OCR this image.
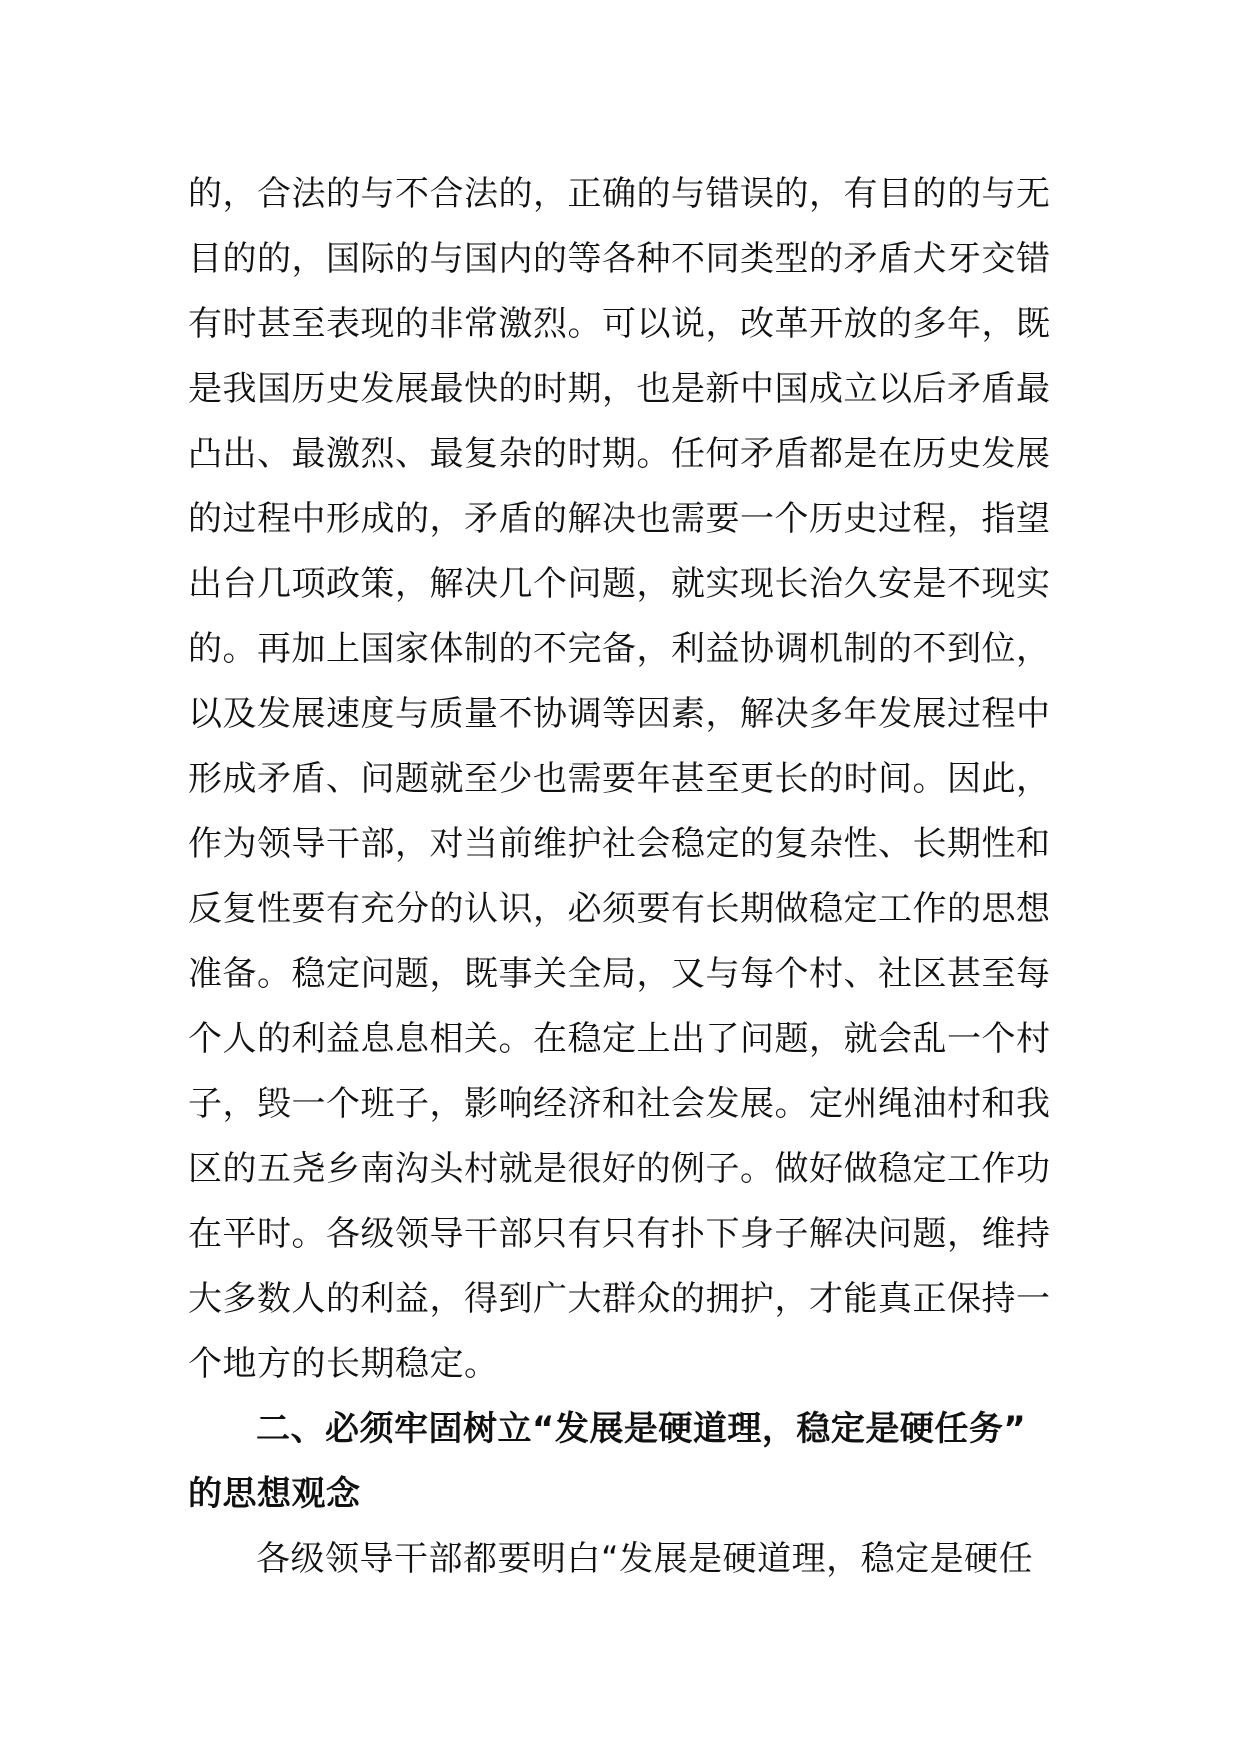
的，合法的与不合法的，正确的与错误的，有目的的与无
目的的，国际的与国内的等各种不同类型的矛盾犬牙交错
有时甚至表现的非常激烈。可以说，改革开放的多年，既
是我国历史发展最快的时期，也是新中国成立以后矛盾最
凸出、最激烈、最复杂的时期。任何矛盾都是在历史发展
的过程中形成的，矛盾的解决也需要一个历史过程，指望
出台几项政策，解决几个问题，就实现长治久安是不现实
的。再加上国家体制的不完备，利益协调机制的不到位，
以及发展速度与质量不协调等因素，解决多年发展过程中
形成矛盾、问题就至少也需要年甚至更长的时间。因此，
作为领导干部，对当前维护社会稳定的复杂性、长期性和
反复性要有充分的认识，必须要有长期做稳定工作的思想
准备。稳定问题，既事关全局，又与每个村、社区甚至每
个人的利益息息相关。在稳定上出了问题，就会乱一个村
子，毁一个班子，影响经济和社会发展。定州绳油村和我
区的五尧乡南沟头村就是很好的例子。做好做稳定工作功
在平时。各级领导干部只有只有扑下身子解决问题，维持
大多数人的利益，得到广大群众的拥护，才能真正保持一
个地方的长期稳定。
二、必须牢固树立“发展是硬道理，稳定是硬任务”
的思想观念
各级领导干部都要明白“发展是硬道理，稳定是硬任
